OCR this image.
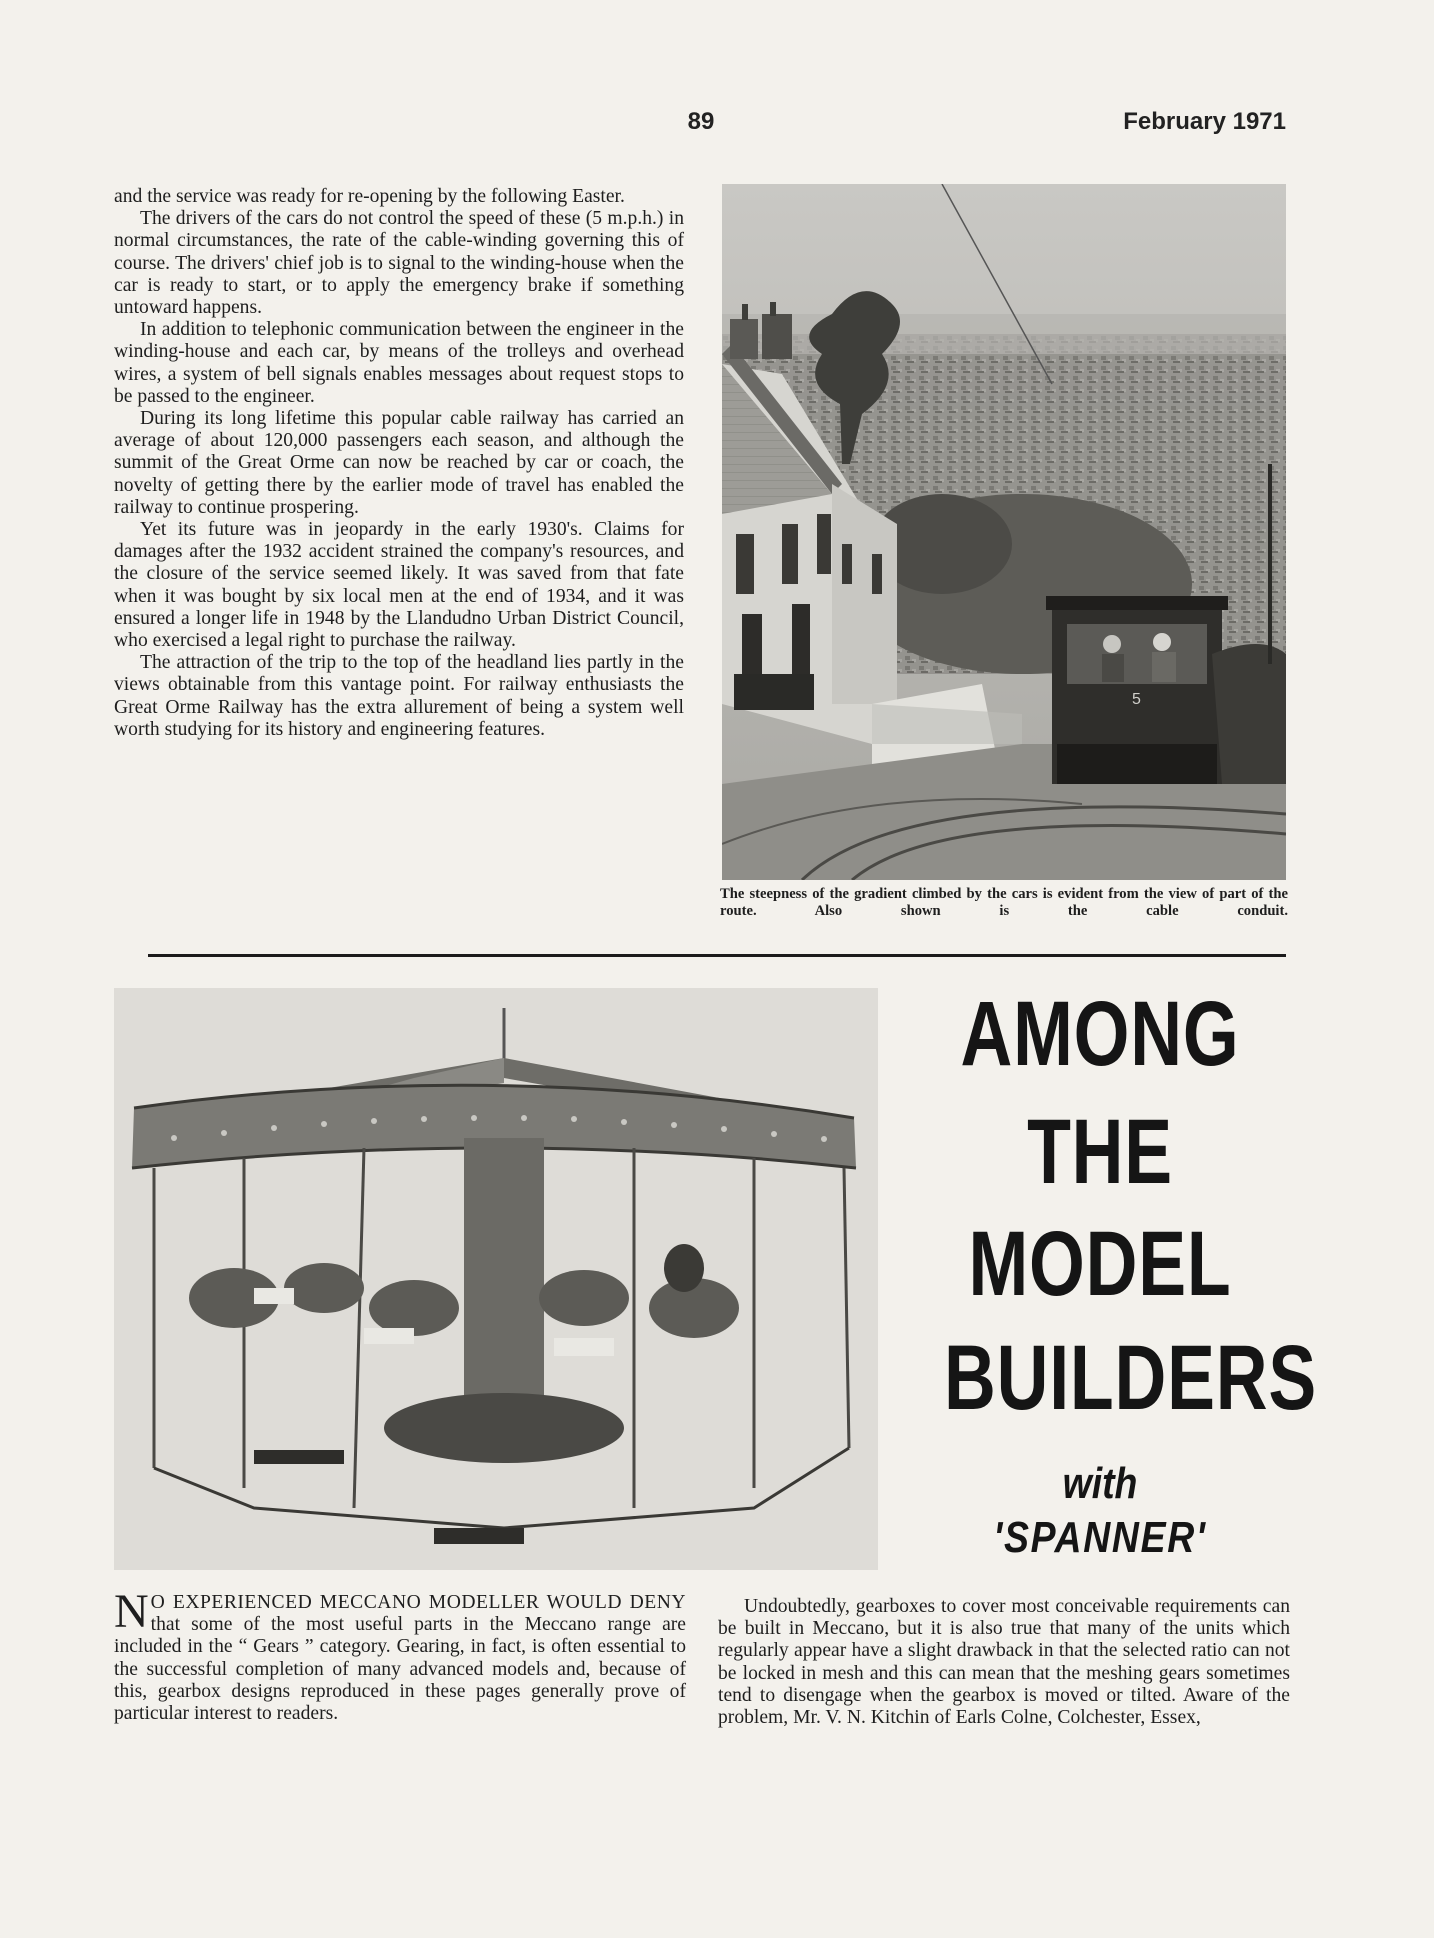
89	February 1971

and the service was ready for re-opening by the following Easter.

The drivers of the cars do not control the speed of these (5 m.p.h.) in normal circumstances, the rate of the cable-winding governing this of course. The drivers' chief job is to signal to the winding-house when the car is ready to start, or to apply the emergency brake if something untoward happens.

In addition to telephonic communication between the engineer in the winding-house and each car, by means of the trolleys and overhead wires, a system of bell signals enables messages about request stops to be passed to the engineer.

During its long lifetime this popular cable railway has carried an average of about 120,000 passengers each season, and although the summit of the Great Orme can now be reached by car or coach, the novelty of getting there by the earlier mode of travel has enabled the railway to continue prospering.

Yet its future was in jeopardy in the early 1930's. Claims for damages after the 1932 accident strained the company's resources, and the closure of the service seemed likely. It was saved from that fate when it was bought by six local men at the end of 1934, and it was ensured a longer life in 1948 by the Llandudno Urban District Council, who exercised a legal right to purchase the railway.

The attraction of the trip to the top of the headland lies partly in the views obtainable from this vantage point. For railway enthusiasts the Great Orme Railway has the extra allurement of being a system well worth studying for its history and engineering features.

5
The steepness of the gradient climbed by the cars is evident from the view of part of the route. Also shown is the cable conduit.
AMONG
THE
MODEL
BUILDERS
with
'SPANNER'

N O EXPERIENCED MECCANO MODELLER WOULD DENY that some of the most useful parts in the Meccano range are included in the “ Gears ” category. Gearing, in fact, is often essential to the successful completion of many advanced models and, because of this, gearbox designs reproduced in these pages generally prove of particular interest to readers.

Undoubtedly, gearboxes to cover most conceivable requirements can be built in Meccano, but it is also true that many of the units which regularly appear have a slight drawback in that the selected ratio can not be locked in mesh and this can mean that the meshing gears sometimes tend to disengage when the gearbox is moved or tilted. Aware of the problem, Mr. V. N. Kitchin of Earls Colne, Colchester, Essex,
